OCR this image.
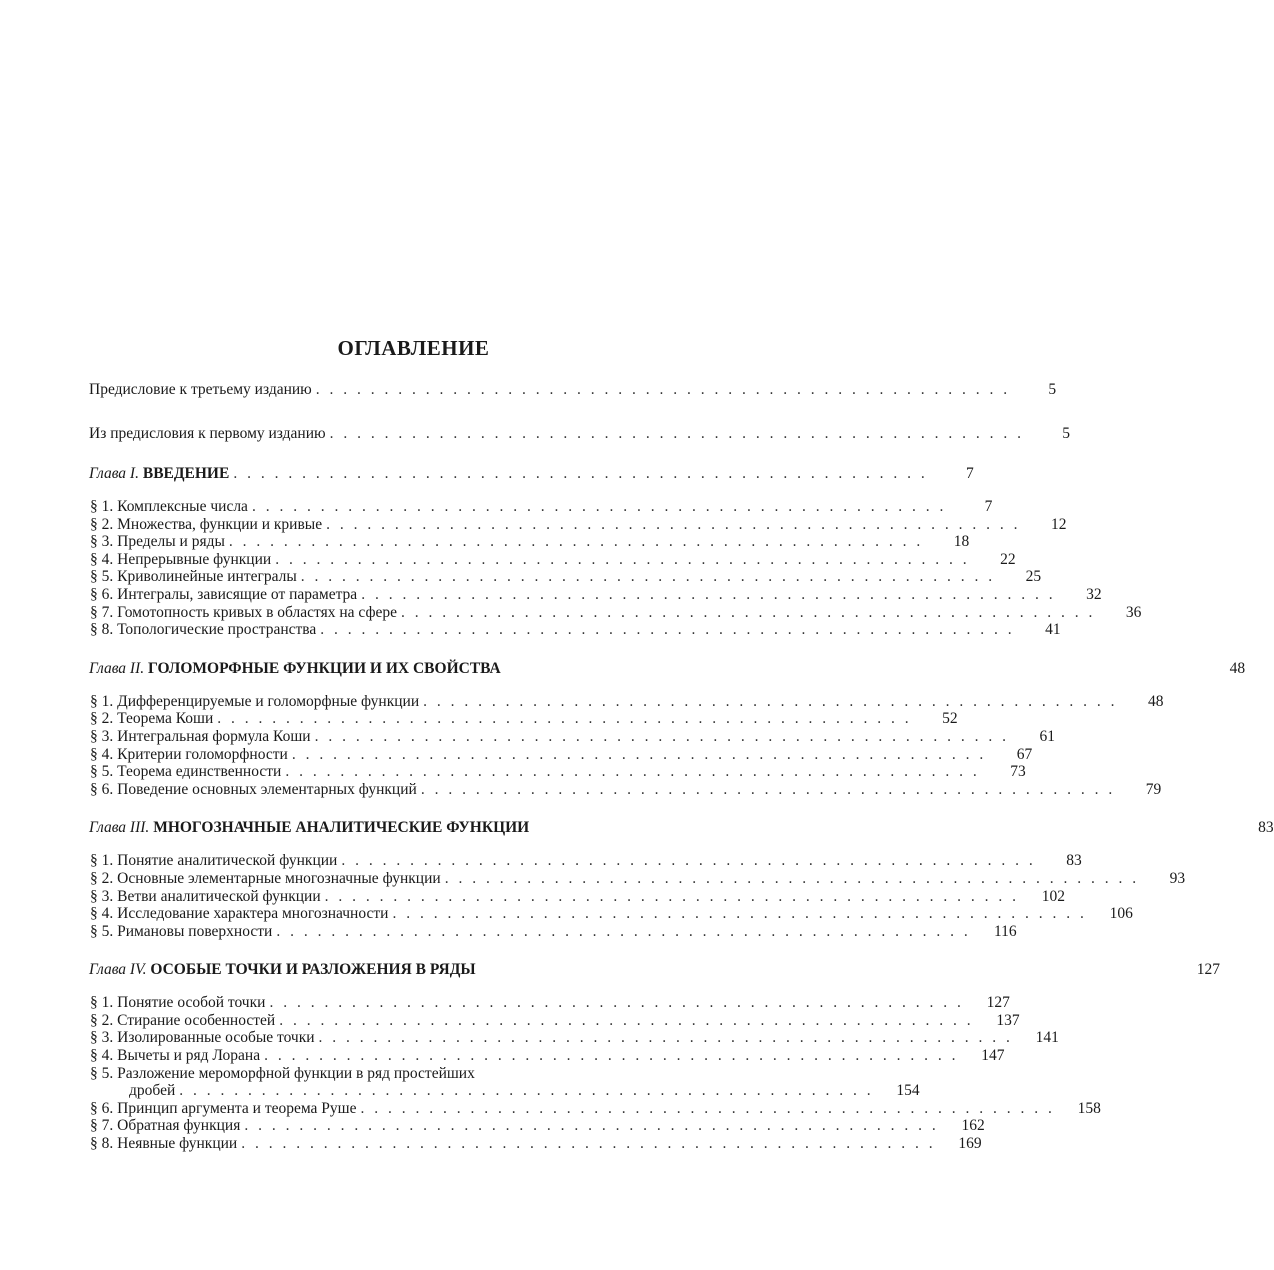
ОГЛАВЛЕНИЕ
Предисловие к третьему изданию . . .	5
Из предисловия к первому изданию . . .	5
Глава I. ВВЕДЕНИЕ . . .	7
§ 1. Комплексные числа . . .	7
§ 2. Множества, функции и кривые . . .	12
§ 3. Пределы и ряды . . .	18
§ 4. Непрерывные функции . . .	22
§ 5. Криволинейные интегралы . . .	25
§ 6. Интегралы, зависящие от параметра . . .	32
§ 7. Гомотопность кривых в областях на сфере . . .	36
§ 8. Топологические пространства . . .	41
Глава II. ГОЛОМОРФНЫЕ ФУНКЦИИ И ИХ СВОЙСТВА	48
§ 1. Дифференцируемые и голоморфные функции . . .	48
§ 2. Теорема Коши . . .	52
§ 3. Интегральная формула Коши . . .	61
§ 4. Критерии голоморфности . . .	67
§ 5. Теорема единственности . . .	73
§ 6. Поведение основных элементарных функций . . .	79
Глава III. МНОГОЗНАЧНЫЕ АНАЛИТИЧЕСКИЕ ФУНКЦИИ	83
§ 1. Понятие аналитической функции . . .	83
§ 2. Основные элементарные многозначные функции . . .	93
§ 3. Ветви аналитической функции . . .	102
§ 4. Исследование характера многозначности . . .	106
§ 5. Римановы поверхности . . .	116
Глава IV. ОСОБЫЕ ТОЧКИ И РАЗЛОЖЕНИЯ В РЯДЫ	127
§ 1. Понятие особой точки . . .	127
§ 2. Стирание особенностей . . .	137
§ 3. Изолированные особые точки . . .	141
§ 4. Вычеты и ряд Лорана . . .	147
§ 5. Разложение мероморфной функции в ряд простейших
дробей . . .	154
§ 6. Принцип аргумента и теорема Руше . . .	158
§ 7. Обратная функция . . .	162
§ 8. Неявные функции . . .	169
